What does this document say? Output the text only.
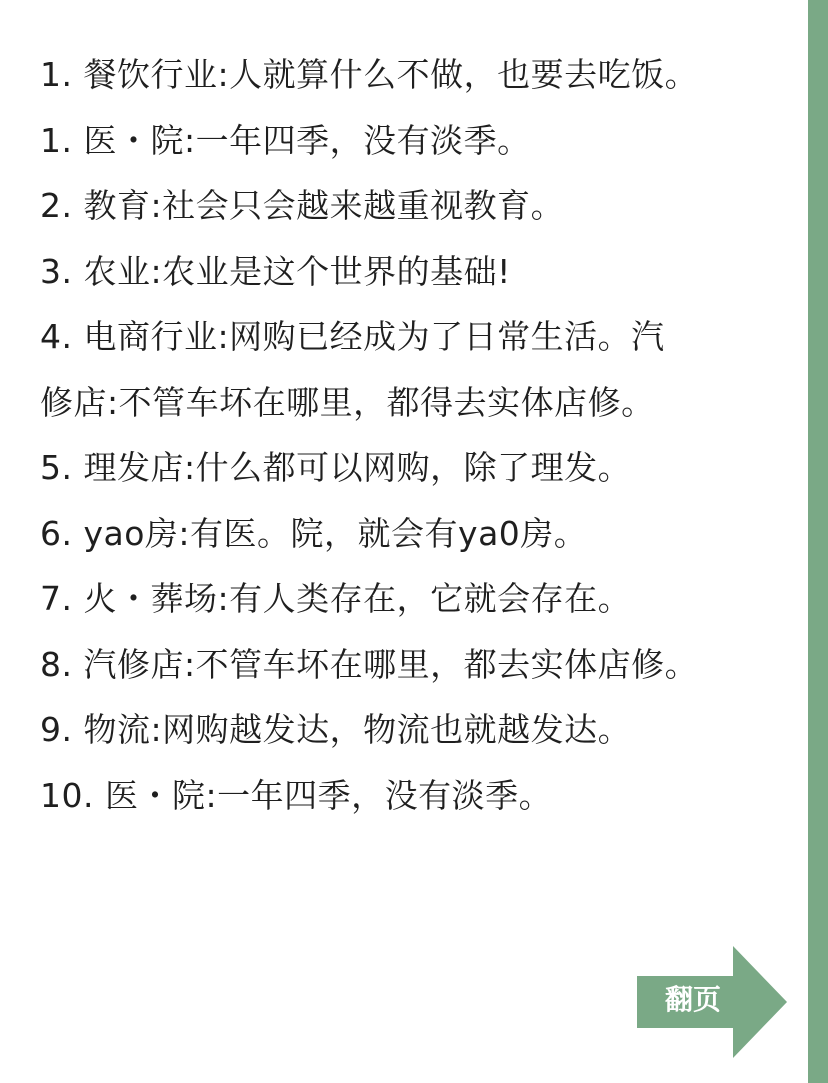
1. 餐饮行业:人就算什么不做，也要去吃饭。

1. 医・院:一年四季，没有淡季。

2. 教育:社会只会越来越重视教育。

3. 农业:农业是这个世界的基础!

4. 电商行业:网购已经成为了日常生活。汽

修店:不管车坏在哪里，都得去实体店修。

5. 理发店:什么都可以网购，除了理发。

6. yao房:有医。院，就会有ya0房。

7. 火・葬场:有人类存在，它就会存在。

8. 汽修店:不管车坏在哪里，都去实体店修。

9. 物流:网购越发达，物流也就越发达。

10. 医・院:一年四季，没有淡季。

翻页
